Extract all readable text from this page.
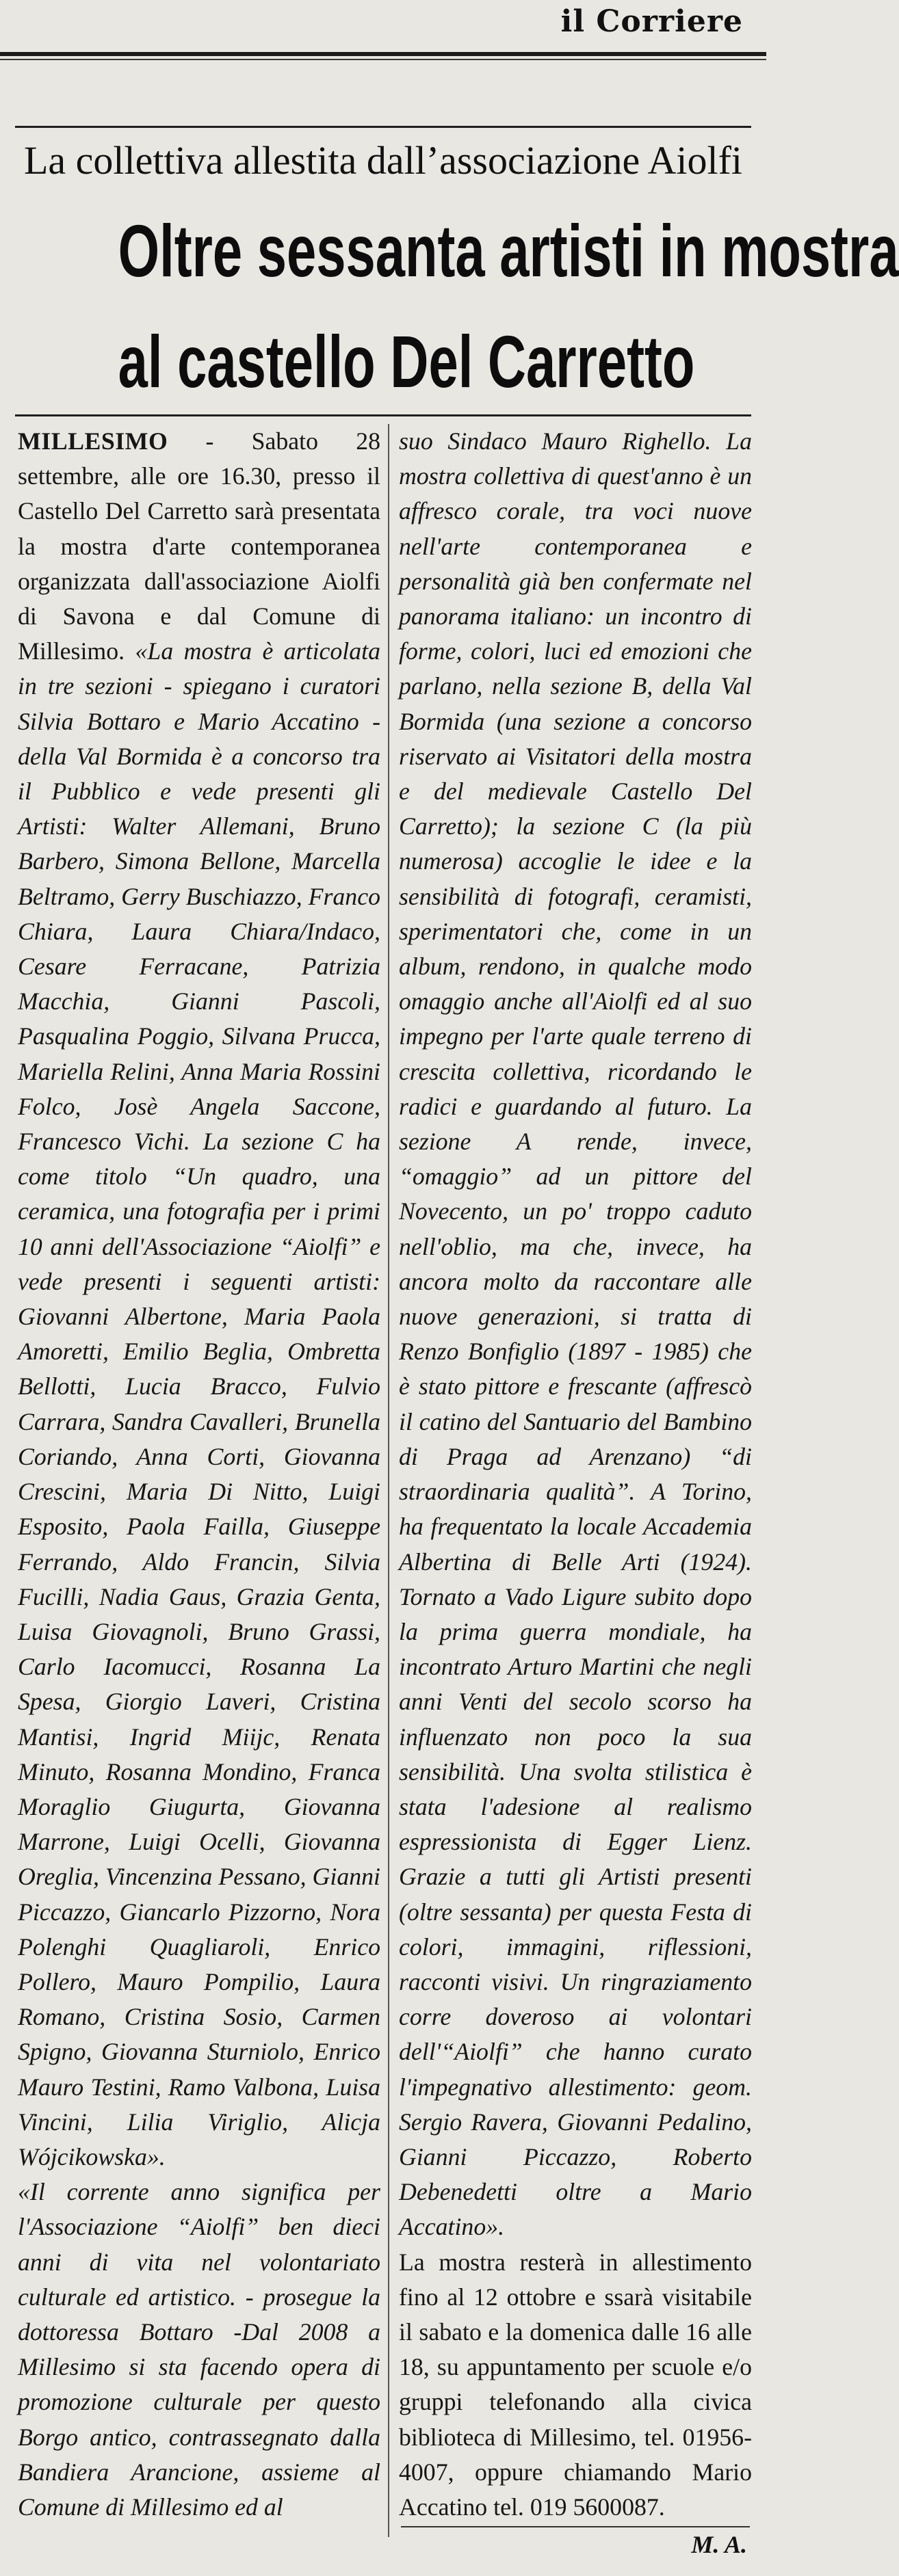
il Corriere
La collettiva allestita dall’associazione Aiolfi
Oltre sessanta artisti in mostra
al castello Del Carretto

MILLESIMO - Sabato 28 settembre, alle ore 16.30, presso il Castello Del Carretto sarà presentata la mostra d'arte contemporanea organizzata dall'associazione Aiolfi di Savona e dal Comune di Millesimo. «La mostra è articolata in tre sezioni - spiegano i curatori Silvia Bottaro e Mario Accatino - della Val Bormida è a concorso tra il Pubblico e vede presenti gli Artisti: Walter Allemani, Bruno Barbero, Simona Bellone, Marcella Beltramo, Gerry Buschiazzo, Franco Chiara, Laura Chiara/Indaco, Cesare Ferracane, Patrizia Macchia, Gianni Pascoli, Pasqualina Poggio, Silvana Prucca, Mariella Relini, Anna Maria Rossini Folco, Josè Angela Saccone, Francesco Vichi. La sezione C ha come titolo “Un quadro, una ceramica, una fotografia per i primi 10 anni dell'Associazione “Aiolfi” e vede presenti i seguenti artisti: Giovanni Albertone, Maria Paola Amoretti, Emilio Beglia, Ombretta Bellotti, Lucia Bracco, Fulvio Carrara, Sandra Cavalleri, Brunella Coriando, Anna Corti, Giovanna Crescini, Maria Di Nitto, Luigi Esposito, Paola Failla, Giuseppe Ferrando, Aldo Francin, Silvia Fucilli, Nadia Gaus, Grazia Genta, Luisa Giovagnoli, Bruno Grassi, Carlo Iacomucci, Rosanna La Spesa, Giorgio Laveri, Cristina Mantisi, Ingrid Miijc, Renata Minuto, Rosanna Mondino, Franca Moraglio Giugurta, Giovanna Marrone, Luigi Ocelli, Giovanna Oreglia, Vincenzina Pessano, Gianni Piccazzo, Giancarlo Pizzorno, Nora Polenghi Quagliaroli, Enrico Pollero, Mauro Pompilio, Laura Romano, Cristina Sosio, Carmen Spigno, Giovanna Sturniolo, Enrico Mauro Testini, Ramo Valbona, Luisa Vincini, Lilia Viriglio, Alicja Wójcikowska».

«Il corrente anno significa per l'Associazione “Aiolfi” ben dieci anni di vita nel volontariato culturale ed artistico. - prosegue la dottoressa Bottaro -Dal 2008 a Millesimo si sta facendo opera di promozione culturale per questo Borgo antico, contrassegnato dalla Bandiera Arancione, assieme al Comune di Millesimo ed al

suo Sindaco Mauro Righello. La mostra collettiva di quest'anno è un affresco corale, tra voci nuove nell'arte contemporanea e personalità già ben confermate nel panorama italiano: un incontro di forme, colori, luci ed emozioni che parlano, nella sezione B, della Val Bormida (una sezione a concorso riservato ai Visitatori della mostra e del medievale Castello Del Carretto); la sezione C (la più numerosa) accoglie le idee e la sensibilità di fotografi, ceramisti, sperimentatori che, come in un album, rendono, in qualche modo omaggio anche all'Aiolfi ed al suo impegno per l'arte quale terreno di crescita collettiva, ricordando le radici e guardando al futuro. La sezione A rende, invece, “omaggio” ad un pittore del Novecento, un po' troppo caduto nell'oblio, ma che, invece, ha ancora molto da raccontare alle nuove generazioni, si tratta di Renzo Bonfiglio (1897 - 1985) che è stato pittore e frescante (affrescò il catino del Santuario del Bambino di Praga ad Arenzano) “di straordinaria qualità”. A Torino, ha frequentato la locale Accademia Albertina di Belle Arti (1924). Tornato a Vado Ligure subito dopo la prima guerra mondiale, ha incontrato Arturo Martini che negli anni Venti del secolo scorso ha influenzato non poco la sua sensibilità. Una svolta stilistica è stata l'adesione al realismo espressionista di Egger Lienz. Grazie a tutti gli Artisti presenti (oltre sessanta) per questa Festa di colori, immagini, riflessioni, racconti visivi. Un ringraziamento corre doveroso ai volontari dell'“Aiolfi” che hanno curato l'impegnativo allestimento: geom. Sergio Ravera, Giovanni Pedalino, Gianni Piccazzo, Roberto Debenedetti oltre a Mario Accatino».

La mostra resterà in allestimento fino al 12 ottobre e ssarà visitabile il sabato e la domenica dalle 16 alle 18, su appuntamento per scuole e/o gruppi telefonando alla civica biblioteca di Millesimo, tel. 01956-4007, oppure chiamando Mario Accatino tel. 019 5600087.

M. A.
